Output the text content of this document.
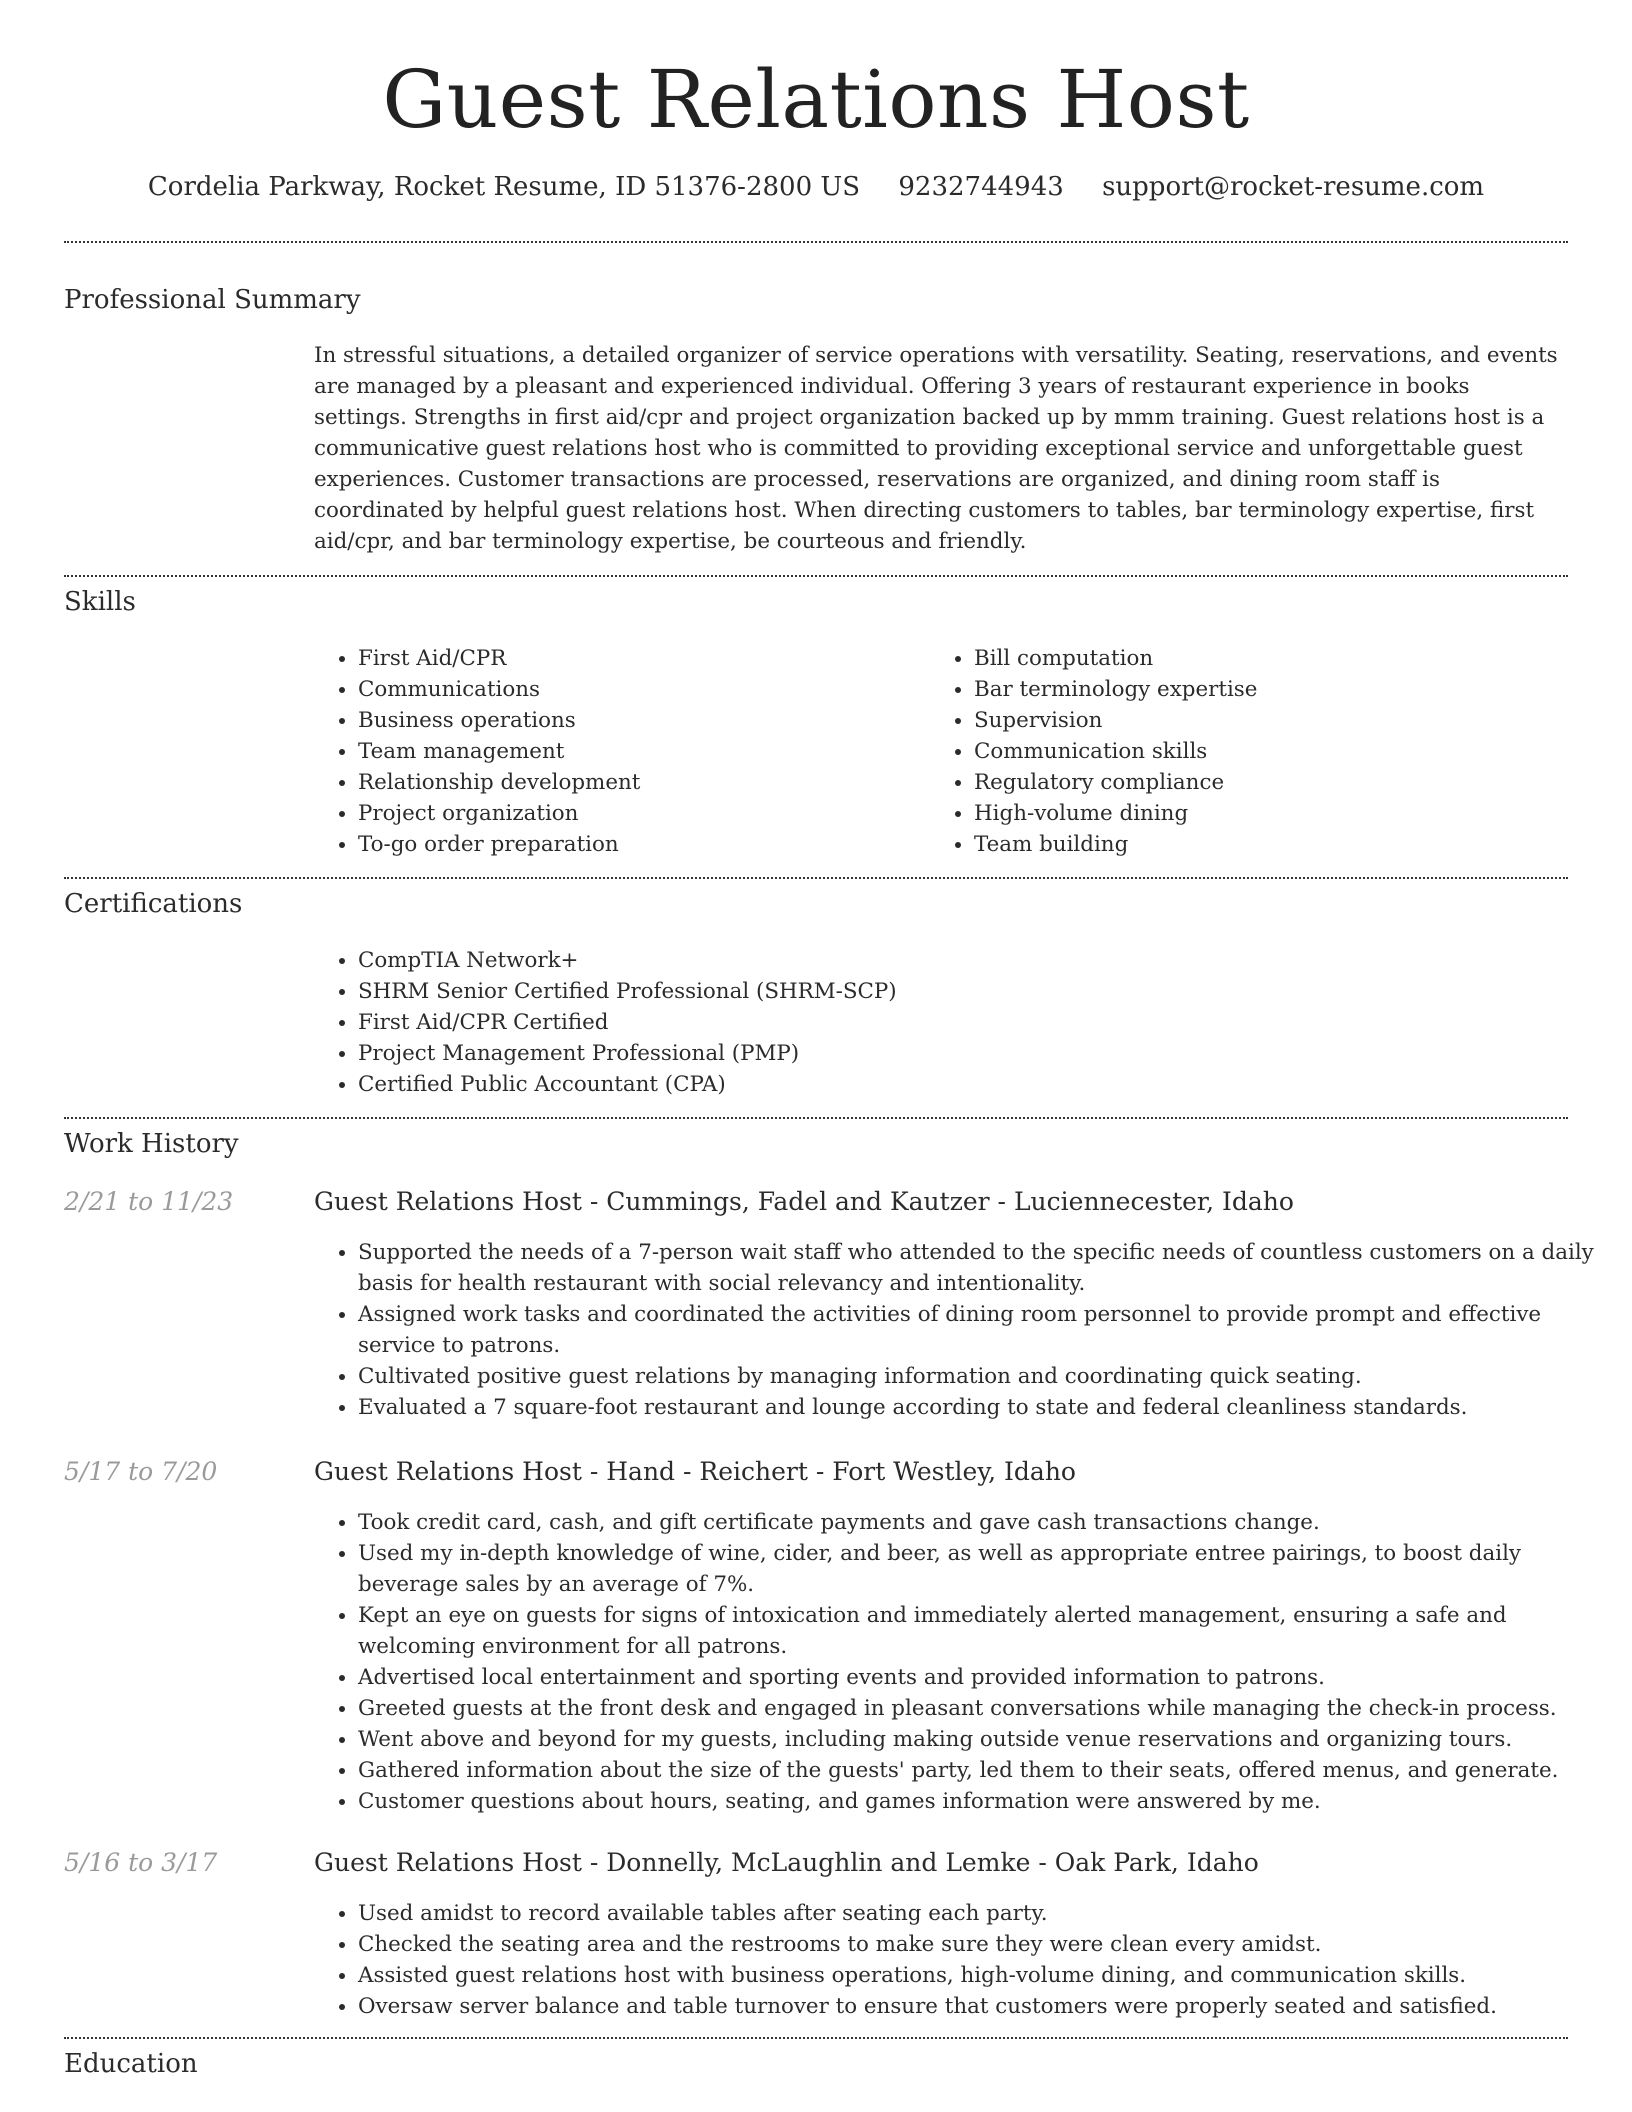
Guest Relations Host
Cordelia Parkway, Rocket Resume, ID 51376-2800 US 9232744943 support@rocket-resume.com
Professional Summary

In stressful situations, a detailed organizer of service operations with versatility. Seating, reservations, and events are managed by a pleasant and experienced individual. Offering 3 years of restaurant experience in books settings. Strengths in first aid/cpr and project organization backed up by mmm training. Guest relations host is a communicative guest relations host who is committed to providing exceptional service and unforgettable guest experiences. Customer transactions are processed, reservations are organized, and dining room staff is coordinated by helpful guest relations host. When directing customers to tables, bar terminology expertise, first aid/cpr, and bar terminology expertise, be courteous and friendly.

Skills
• First Aid/CPR
• Communications
• Business operations
• Team management
• Relationship development
• Project organization
• To-go order preparation
• Bill computation
• Bar terminology expertise
• Supervision
• Communication skills
• Regulatory compliance
• High-volume dining
• Team building
Certifications
• CompTIA Network+
• SHRM Senior Certified Professional (SHRM-SCP)
• First Aid/CPR Certified
• Project Management Professional (PMP)
• Certified Public Accountant (CPA)
Work History
2/21 to 11/23	Guest Relations Host - Cummings, Fadel and Kautzer - Luciennecester, Idaho
• Supported the needs of a 7-person wait staff who attended to the specific needs of countless customers on a daily basis for health restaurant with social relevancy and intentionality.
• Assigned work tasks and coordinated the activities of dining room personnel to provide prompt and effective service to patrons.
• Cultivated positive guest relations by managing information and coordinating quick seating.
• Evaluated a 7 square-foot restaurant and lounge according to state and federal cleanliness standards.
5/17 to 7/20	Guest Relations Host - Hand - Reichert - Fort Westley, Idaho
• Took credit card, cash, and gift certificate payments and gave cash transactions change.
• Used my in-depth knowledge of wine, cider, and beer, as well as appropriate entree pairings, to boost daily beverage sales by an average of 7%.
• Kept an eye on guests for signs of intoxication and immediately alerted management, ensuring a safe and welcoming environment for all patrons.
• Advertised local entertainment and sporting events and provided information to patrons.
• Greeted guests at the front desk and engaged in pleasant conversations while managing the check-in process.
• Went above and beyond for my guests, including making outside venue reservations and organizing tours.
• Gathered information about the size of the guests' party, led them to their seats, offered menus, and generate.
• Customer questions about hours, seating, and games information were answered by me.
5/16 to 3/17	Guest Relations Host - Donnelly, McLaughlin and Lemke - Oak Park, Idaho
• Used amidst to record available tables after seating each party.
• Checked the seating area and the restrooms to make sure they were clean every amidst.
• Assisted guest relations host with business operations, high-volume dining, and communication skills.
• Oversaw server balance and table turnover to ensure that customers were properly seated and satisfied.
Education
